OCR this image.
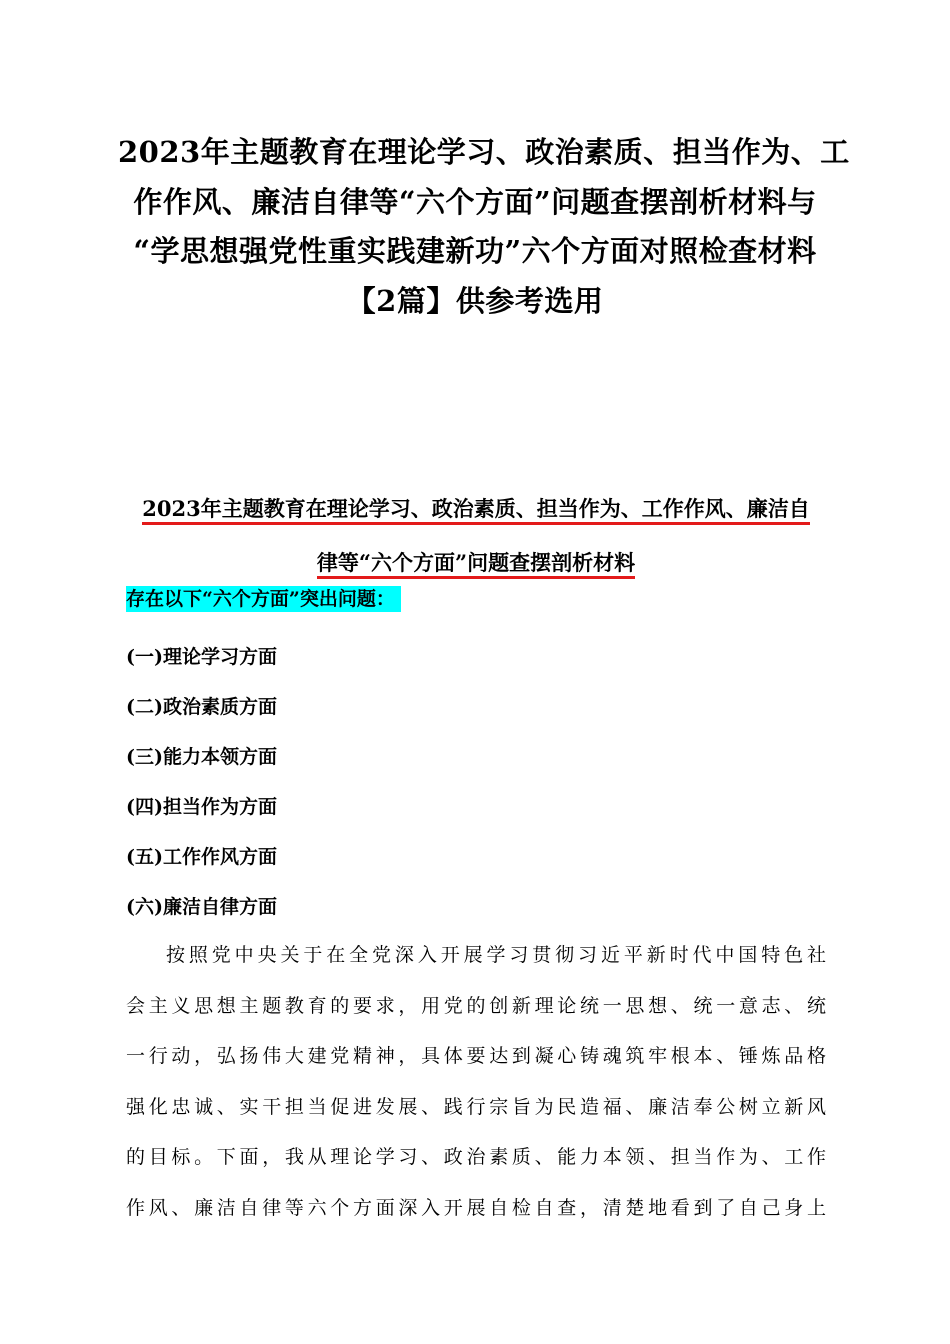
2023年主题教育在理论学习、政治素质、担当作为、工
作作风、廉洁自律等“六个方面”问题查摆剖析材料与
“学思想强党性重实践建新功”六个方面对照检查材料
【2篇】供参考选用
2023年主题教育在理论学习、政治素质、担当作为、工作作风、廉洁自
律等“六个方面”问题查摆剖析材料

存在以下“六个方面”突出问题：

(一)理论学习方面
(二)政治素质方面
(三)能力本领方面
(四)担当作为方面
(五)工作作风方面
(六)廉洁自律方面
按照党中央关于在全党深入开展学习贯彻习近平新时代中国特色社
会主义思想主题教育的要求，用党的创新理论统一思想、统一意志、统
一行动，弘扬伟大建党精神，具体要达到凝心铸魂筑牢根本、锤炼品格
强化忠诚、实干担当促进发展、践行宗旨为民造福、廉洁奉公树立新风
的目标。下面，我从理论学习、政治素质、能力本领、担当作为、工作
作风、廉洁自律等六个方面深入开展自检自查，清楚地看到了自己身上
